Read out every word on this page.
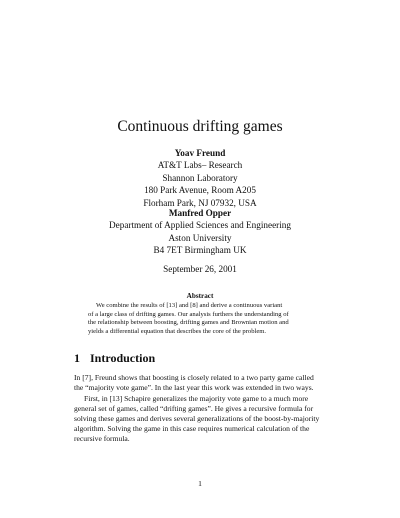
Continuous drifting games
Yoav Freund
AT&T Labs– Research
Shannon Laboratory
180 Park Avenue, Room A205
Florham Park, NJ 07932, USA
Manfred Opper
Department of Applied Sciences and Engineering
Aston University
B4 7ET Birmingham UK
September 26, 2001
Abstract
We combine the results of [13] and [8] and derive a continuous variant
of a large class of drifting games. Our analysis furthers the understanding of
the relationship between boosting, drifting games and Brownian motion and
yields a differential equation that describes the core of the problem.
1 Introduction
In [7], Freund shows that boosting is closely related to a two party game called
the “majority vote game”. In the last year this work was extended in two ways.
First, in [13] Schapire generalizes the majority vote game to a much more
general set of games, called “drifting games”. He gives a recursive formula for
solving these games and derives several generalizations of the boost-by-majority
algorithm. Solving the game in this case requires numerical calculation of the
recursive formula.
1
